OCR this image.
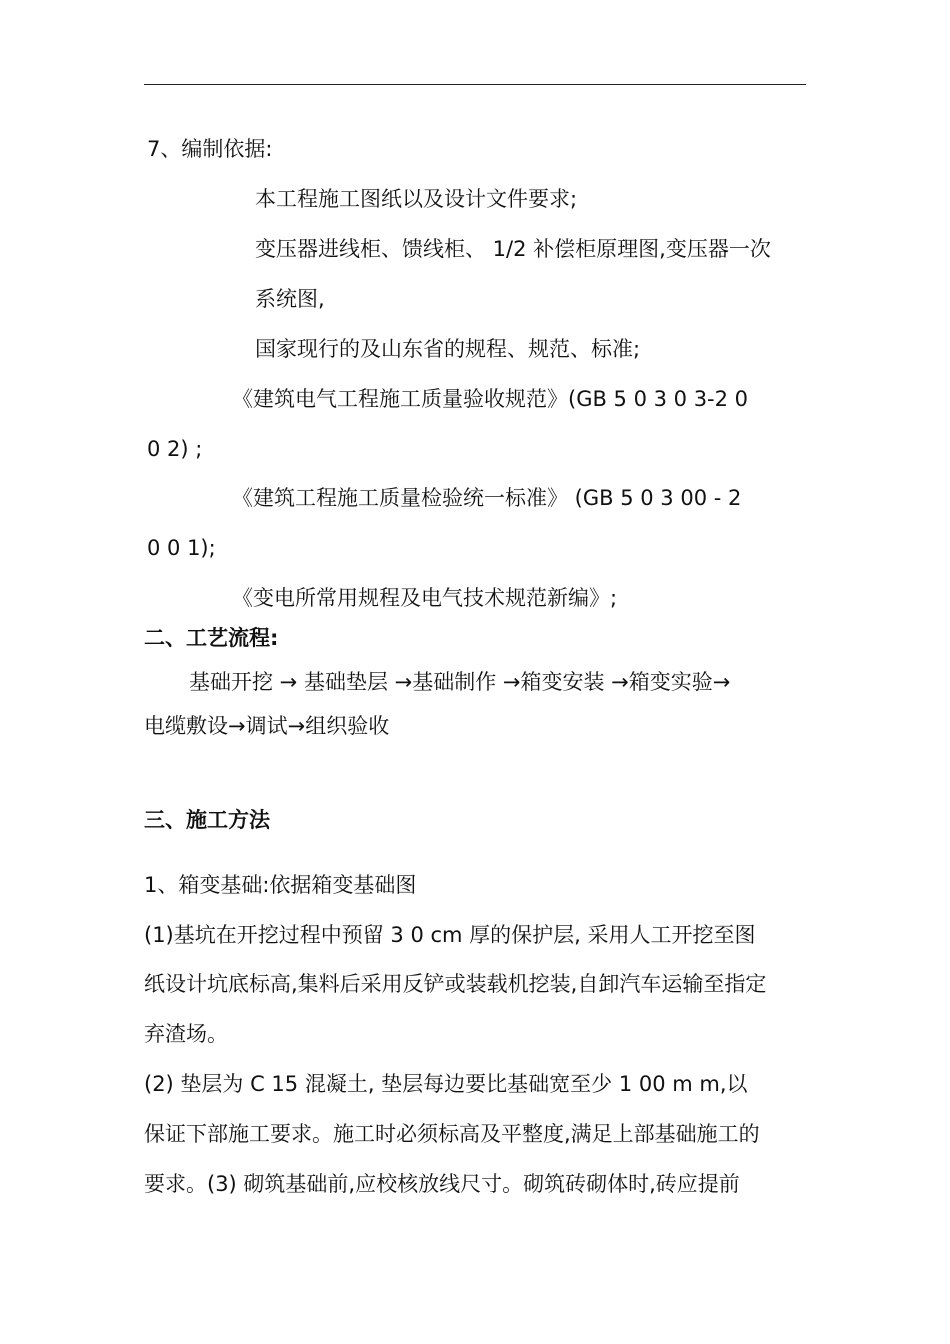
7、编制依据:
本工程施工图纸以及设计文件要求;
变压器进线柜、馈线柜、 1/2 补偿柜原理图,变压器一次
系统图,
国家现行的及山东省的规程、规范、标准;
《建筑电气工程施工质量验收规范》(GB 5 0 3 0 3-2 0
0 2) ;
《建筑工程施工质量检验统一标准》 (GB 5 0 3 00 - 2
0 0 1);
《变电所常用规程及电气技术规范新编》;
二、工艺流程:
基础开挖 → 基础垫层 →基础制作 →箱变安装 →箱变实验→
电缆敷设→调试→组织验收
三、施工方法
1、箱变基础:依据箱变基础图
(1)基坑在开挖过程中预留 3 0 cm 厚的保护层, 采用人工开挖至图
纸设计坑底标高,集料后采用反铲或装载机挖装,自卸汽车运输至指定
弃渣场。
(2) 垫层为 C 15 混凝土, 垫层每边要比基础宽至少 1 00 m m,以
保证下部施工要求。施工时必须标高及平整度,满足上部基础施工的
要求。(3) 砌筑基础前,应校核放线尺寸。砌筑砖砌体时,砖应提前
